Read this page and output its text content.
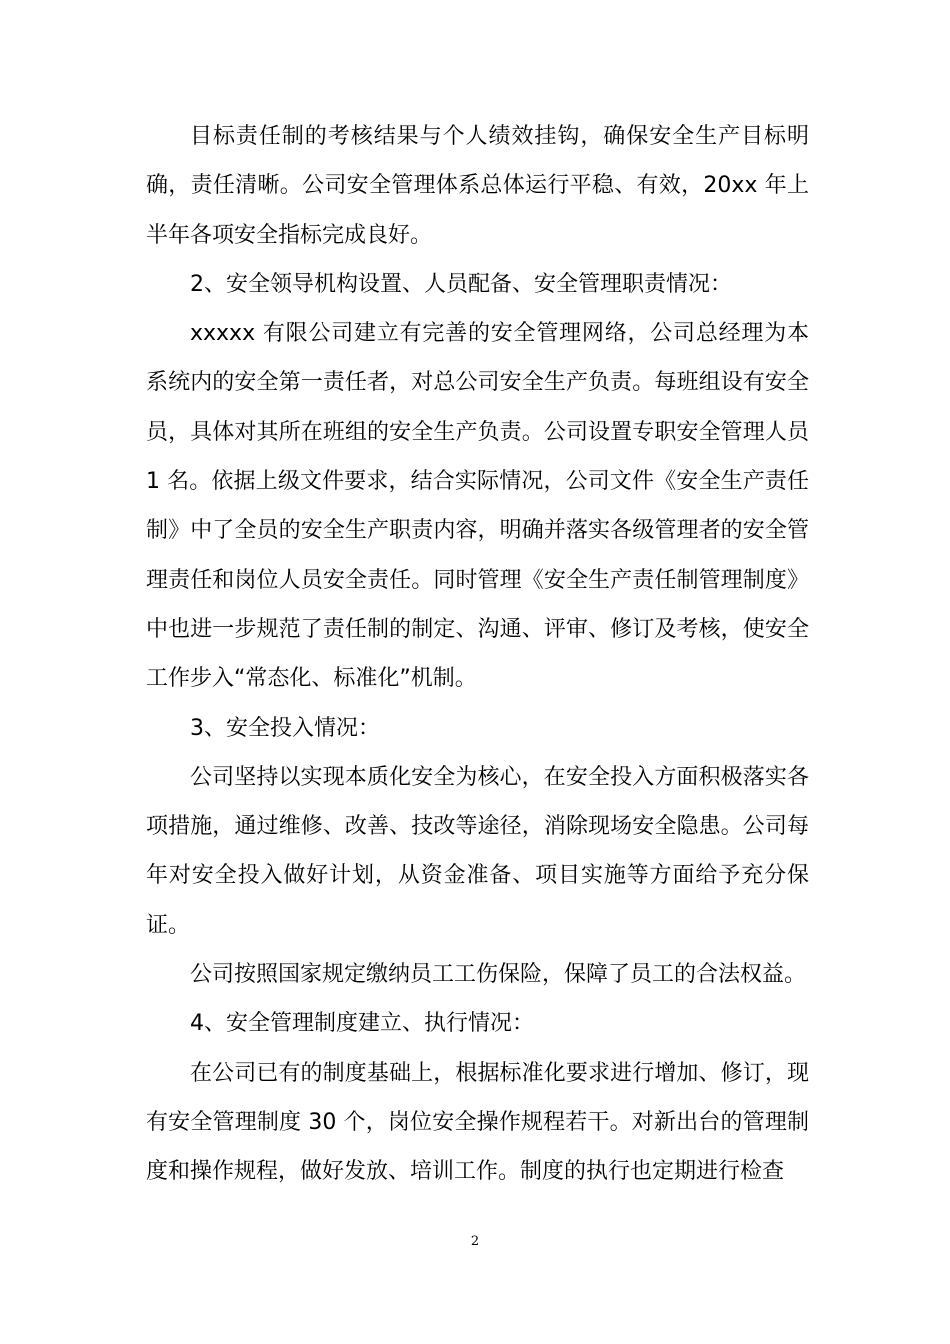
目标责任制的考核结果与个人绩效挂钩，确保安全生产目标明确，责任清晰。公司安全管理体系总体运行平稳、有效，20xx 年上半年各项安全指标完成良好。

2、安全领导机构设置、人员配备、安全管理职责情况：

xxxxx 有限公司建立有完善的安全管理网络，公司总经理为本系统内的安全第一责任者，对总公司安全生产负责。每班组设有安全员，具体对其所在班组的安全生产负责。公司设置专职安全管理人员 1 名。依据上级文件要求，结合实际情况，公司文件《安全生产责任制》中了全员的安全生产职责内容，明确并落实各级管理者的安全管理责任和岗位人员安全责任。同时管理《安全生产责任制管理制度》中也进一步规范了责任制的制定、沟通、评审、修订及考核，使安全工作步入“常态化、标准化”机制。

3、安全投入情况：

公司坚持以实现本质化安全为核心，在安全投入方面积极落实各项措施，通过维修、改善、技改等途径，消除现场安全隐患。公司每年对安全投入做好计划，从资金准备、项目实施等方面给予充分保证。

公司按照国家规定缴纳员工工伤保险，保障了员工的合法权益。

4、安全管理制度建立、执行情况：

在公司已有的制度基础上，根据标准化要求进行增加、修订，现有安全管理制度 30 个，岗位安全操作规程若干。对新出台的管理制度和操作规程，做好发放、培训工作。制度的执行也定期进行检查

2
